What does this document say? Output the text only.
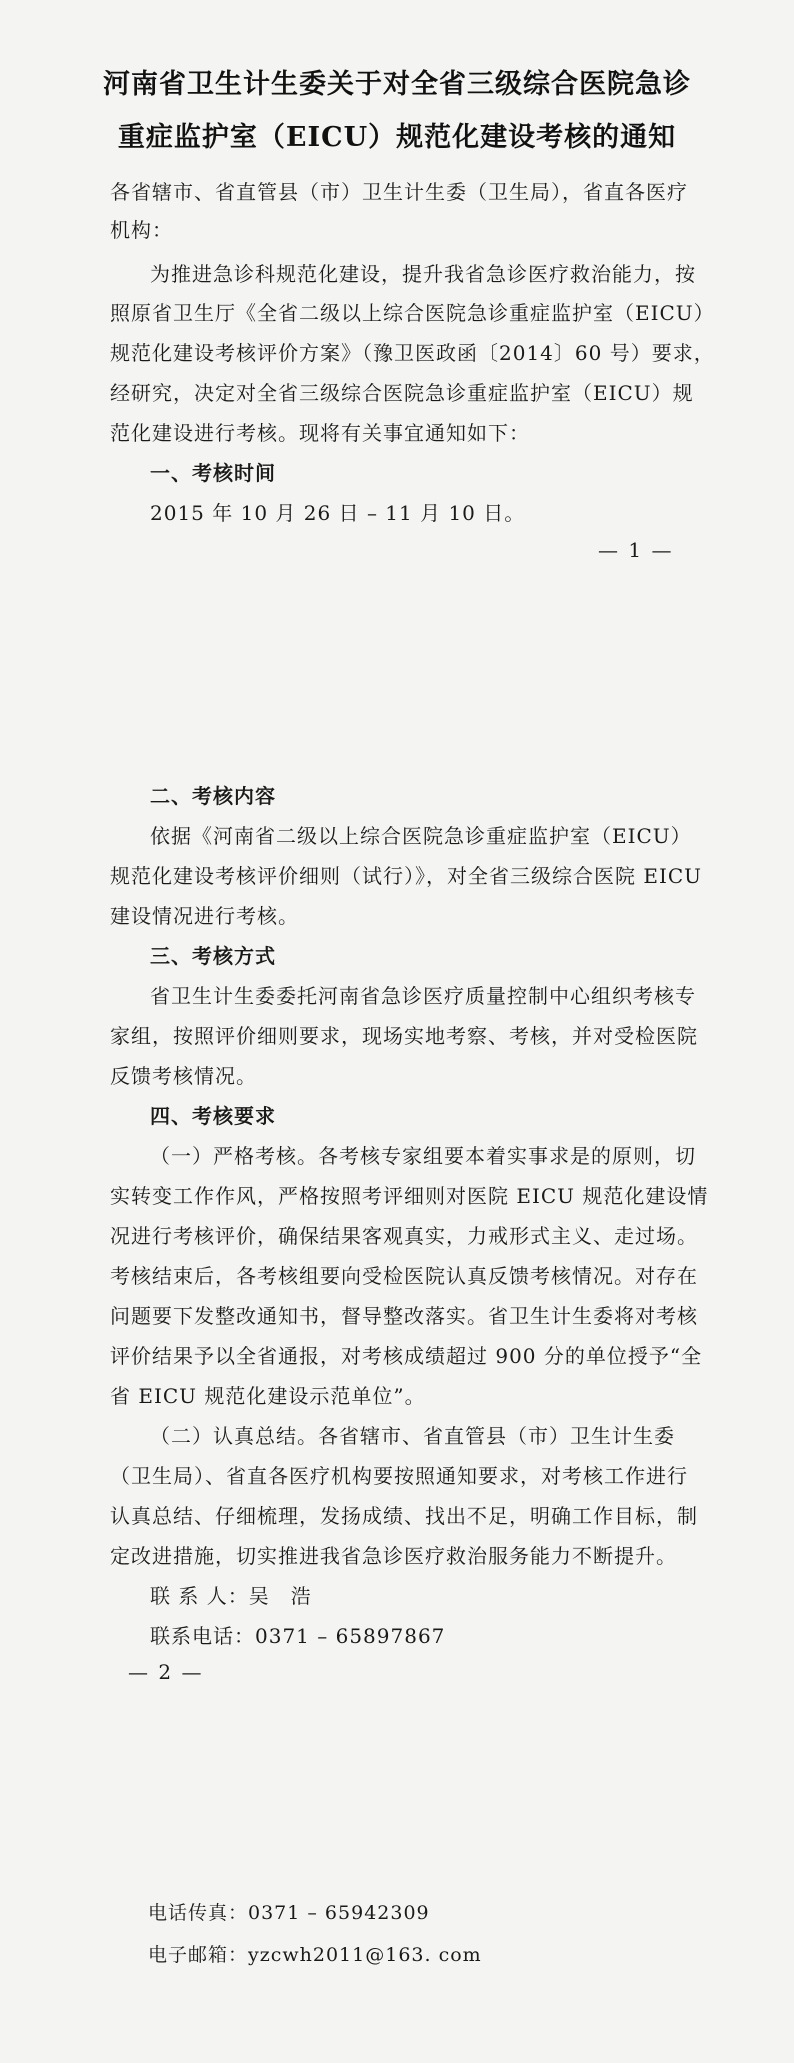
河南省卫生计生委关于对全省三级综合医院急诊
重症监护室（EICU）规范化建设考核的通知
各省辖市、省直管县（市）卫生计生委（卫生局），省直各医疗
机构：
为推进急诊科规范化建设，提升我省急诊医疗救治能力，按
照原省卫生厅《全省二级以上综合医院急诊重症监护室（EICU）
规范化建设考核评价方案》（豫卫医政函〔2014〕60 号）要求，
经研究，决定对全省三级综合医院急诊重症监护室（EICU）规
范化建设进行考核。现将有关事宜通知如下：
一、考核时间
2015 年 10 月 26 日 – 11 月 10 日。
— 1 —
二、考核内容
依据《河南省二级以上综合医院急诊重症监护室（EICU）
规范化建设考核评价细则（试行）》，对全省三级综合医院 EICU
建设情况进行考核。
三、考核方式
省卫生计生委委托河南省急诊医疗质量控制中心组织考核专
家组，按照评价细则要求，现场实地考察、考核，并对受检医院
反馈考核情况。
四、考核要求
（一）严格考核。各考核专家组要本着实事求是的原则，切
实转变工作作风，严格按照考评细则对医院 EICU 规范化建设情
况进行考核评价，确保结果客观真实，力戒形式主义、走过场。
考核结束后，各考核组要向受检医院认真反馈考核情况。对存在
问题要下发整改通知书，督导整改落实。省卫生计生委将对考核
评价结果予以全省通报，对考核成绩超过 900 分的单位授予“全
省 EICU 规范化建设示范单位”。
（二）认真总结。各省辖市、省直管县（市）卫生计生委
（卫生局）、省直各医疗机构要按照通知要求，对考核工作进行
认真总结、仔细梳理，发扬成绩、找出不足，明确工作目标，制
定改进措施，切实推进我省急诊医疗救治服务能力不断提升。
联 系 人：吴　浩
联系电话：0371 – 65897867
— 2 —
电话传真：0371 – 65942309
电子邮箱：yzcwh2011@163. com
